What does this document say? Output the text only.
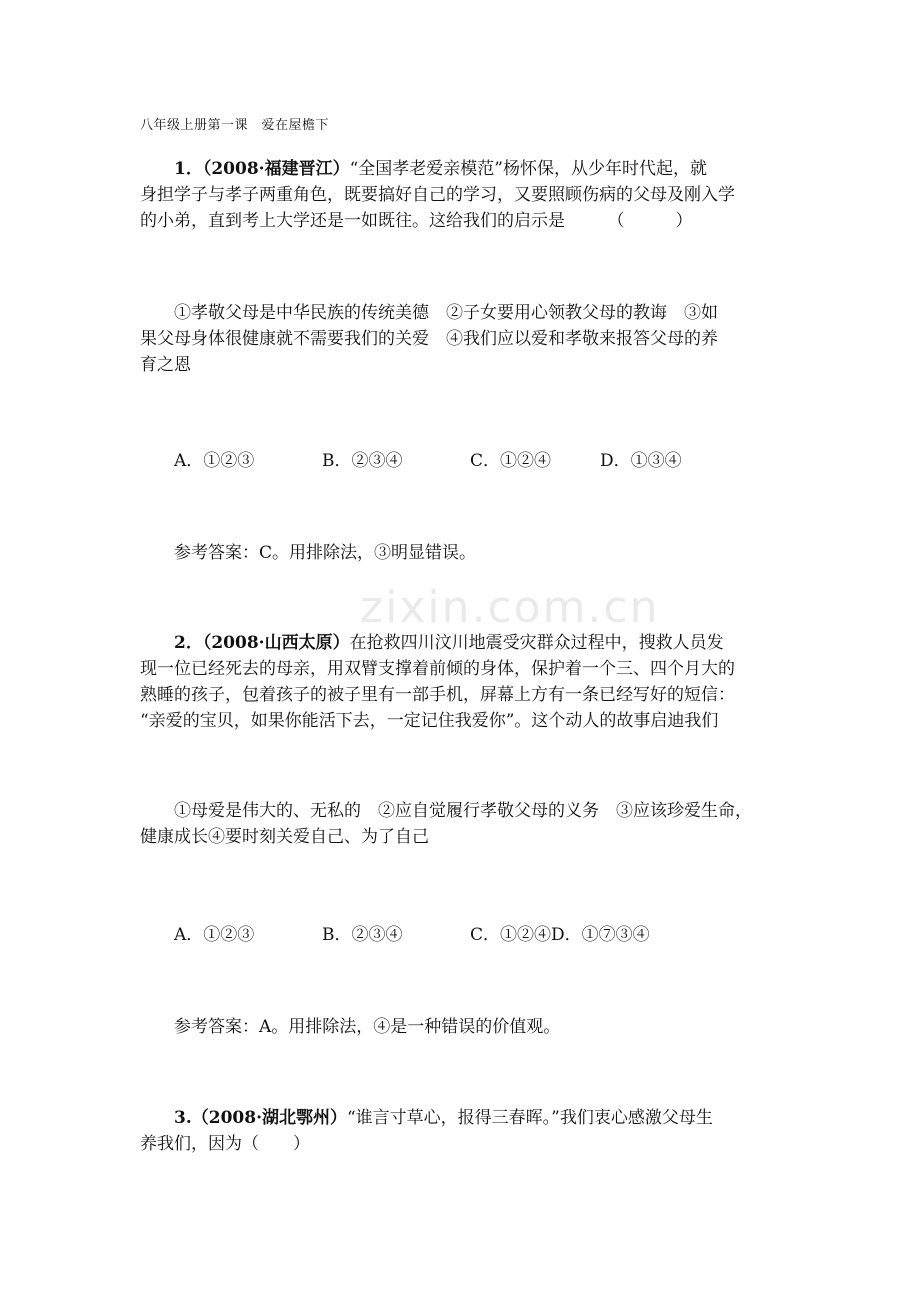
zixin.com.cn
八年级上册第一课　爱在屋檐下
1．（2008·福建晋江）“全国孝老爱亲模范”杨怀保，从少年时代起，就
身担学子与孝子两重角色，既要搞好自己的学习，又要照顾伤病的父母及刚入学
的小弟，直到考上大学还是一如既往。这给我们的启示是　　　（　　　）
①孝敬父母是中华民族的传统美德　②子女要用心领教父母的教诲　③如
果父母身体很健康就不需要我们的关爱　④我们应以爱和孝敬来报答父母的养
育之恩
A．①②③	B．②③④	C．①②④	D．①③④
参考答案：C。用排除法，③明显错误。
2．（2008·山西太原）在抢救四川汶川地震受灾群众过程中，搜救人员发
现一位已经死去的母亲，用双臂支撑着前倾的身体，保护着一个三、四个月大的
熟睡的孩子，包着孩子的被子里有一部手机，屏幕上方有一条已经写好的短信：
“亲爱的宝贝，如果你能活下去，一定记住我爱你”。这个动人的故事启迪我们
①母爱是伟大的、无私的　②应自觉履行孝敬父母的义务　③应该珍爱生命，
健康成长④要时刻关爱自己、为了自己
A．①②③	B．②③④	C．①②④D．①⑦③④
参考答案：A。用排除法，④是一种错误的价值观。
3.（2008·湖北鄂州）“谁言寸草心，报得三春晖。”我们衷心感激父母生
养我们，因为（　　）
